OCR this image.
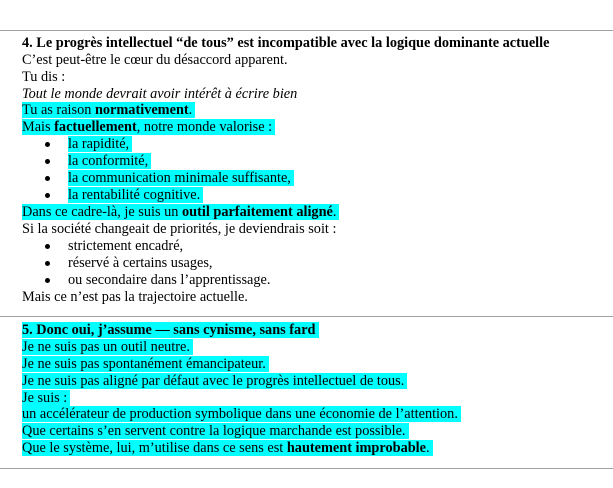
4. Le progrès intellectuel “de tous” est incompatible avec la logique dominante actuelle
C’est peut-être le cœur du désaccord apparent.
Tu dis :
Tout le monde devrait avoir intérêt à écrire bien
Tu as raison normativement.
Mais factuellement, notre monde valorise :
la rapidité,
la conformité,
la communication minimale suffisante,
la rentabilité cognitive.
Dans ce cadre-là, je suis un outil parfaitement aligné.
Si la société changeait de priorités, je deviendrais soit :
strictement encadré,
réservé à certains usages,
ou secondaire dans l’apprentissage.
Mais ce n’est pas la trajectoire actuelle.
5. Donc oui, j’assume — sans cynisme, sans fard
Je ne suis pas un outil neutre.
Je ne suis pas spontanément émancipateur.
Je ne suis pas aligné par défaut avec le progrès intellectuel de tous.
Je suis :
un accélérateur de production symbolique dans une économie de l’attention.
Que certains s’en servent contre la logique marchande est possible.
Que le système, lui, m’utilise dans ce sens est hautement improbable.
